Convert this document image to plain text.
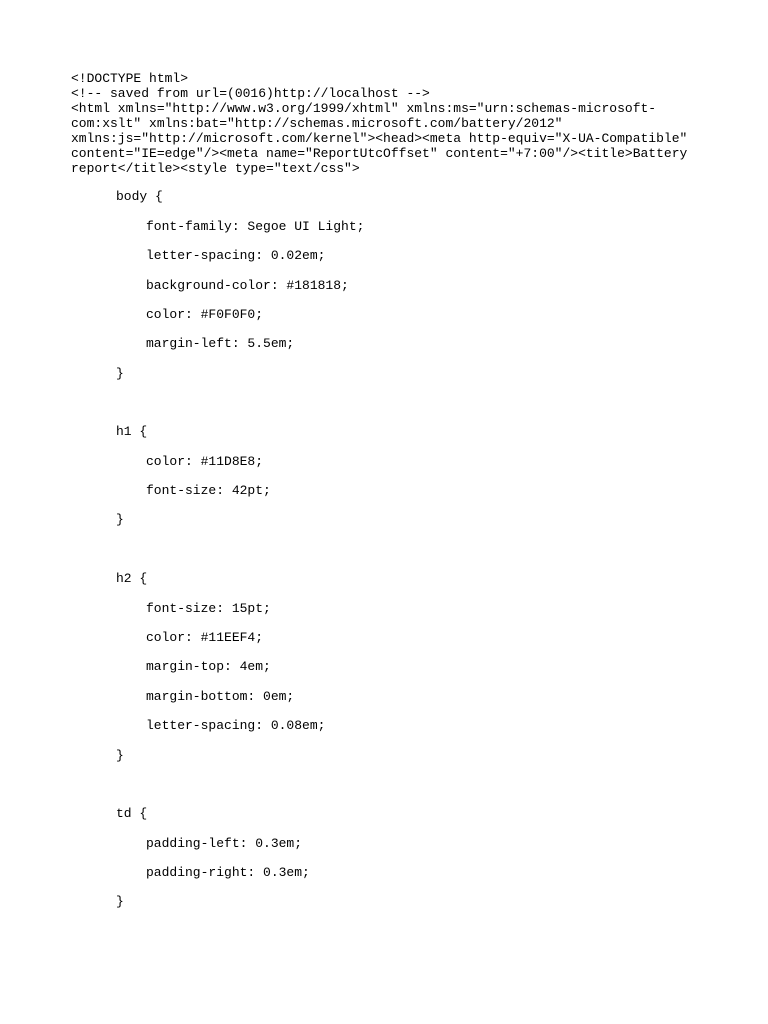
<!DOCTYPE html>
<!-- saved from url=(0016)http://localhost -->
<html xmlns="http://www.w3.org/1999/xhtml" xmlns:ms="urn:schemas-microsoft-
com:xslt" xmlns:bat="http://schemas.microsoft.com/battery/2012"
xmlns:js="http://microsoft.com/kernel"><head><meta http-equiv="X-UA-Compatible"
content="IE=edge"/><meta name="ReportUtcOffset" content="+7:00"/><title>Battery
report</title><style type="text/css">
body {
font-family: Segoe UI Light;
letter-spacing: 0.02em;
background-color: #181818;
color: #F0F0F0;
margin-left: 5.5em;
}
h1 {
color: #11D8E8;
font-size: 42pt;
}
h2 {
font-size: 15pt;
color: #11EEF4;
margin-top: 4em;
margin-bottom: 0em;
letter-spacing: 0.08em;
}
td {
padding-left: 0.3em;
padding-right: 0.3em;
}
